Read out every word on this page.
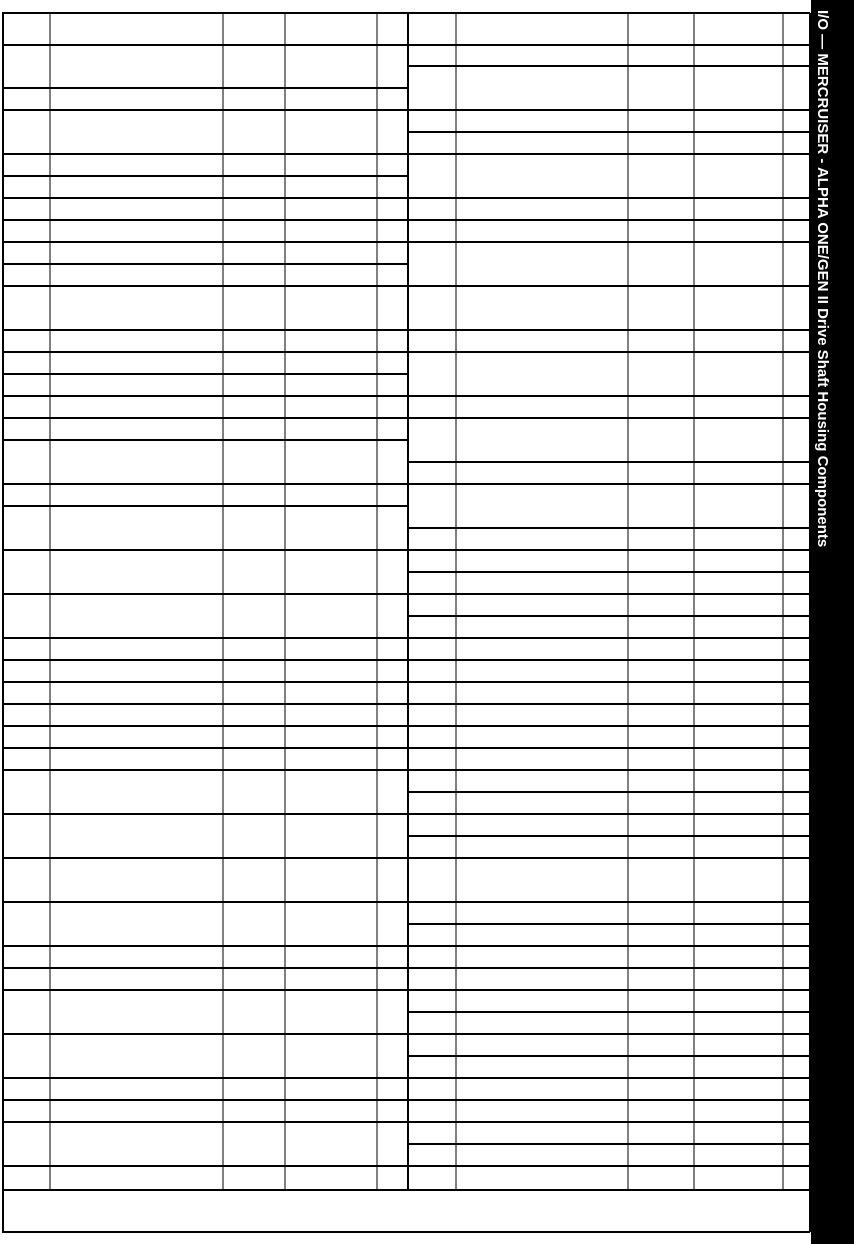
I/O — MERCRUISER - ALPHA ONE/GEN II Drive Shaft Housing Components
